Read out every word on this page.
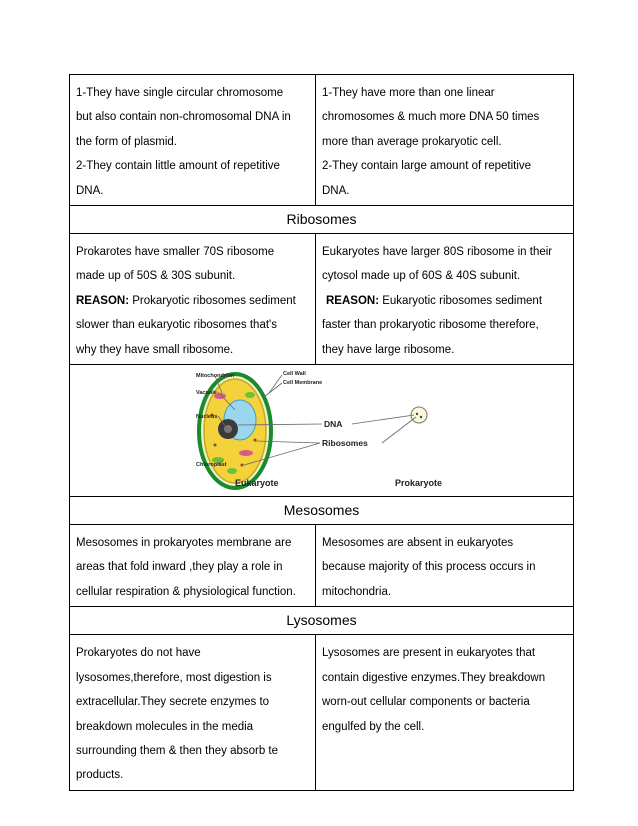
1-They have single circular chromosome
but also contain non-chromosomal DNA in
the form of plasmid.
2-They contain little amount of repetitive
DNA.
1-They have more than one linear
chromosomes & much more DNA 50 times
more than average prokaryotic cell.
2-They contain large amount of repetitive
DNA.
Ribosomes
Prokarotes have smaller 70S ribosome
made up of 50S & 30S subunit.
REASON: Prokaryotic ribosomes sediment
slower than eukaryotic ribosomes that's
why they have small ribosome.
Eukaryotes have larger 80S ribosome in their
cytosol made up of 60S & 40S subunit.
REASON: Eukaryotic ribosomes sediment
faster than prokaryotic ribosome therefore,
they have large ribosome.
Mitochondrion	Cell Wall
Cell Membrane
Vacuole
Nucleus
Chloroplast
DNA
Ribosomes
Eukaryote	Prokaryote
Mesosomes
Mesosomes in prokaryotes membrane are
areas that fold inward ,they play a role in
cellular respiration & physiological function.
Mesosomes are absent in eukaryotes
because majority of this process occurs in
mitochondria.
Lysosomes
Prokaryotes do not have
lysosomes,therefore, most digestion is
extracellular.They secrete enzymes to
breakdown molecules in the media
surrounding them & then they absorb te
products.
Lysosomes are present in eukaryotes that
contain digestive enzymes.They breakdown
worn-out cellular components or bacteria
engulfed by the cell.
